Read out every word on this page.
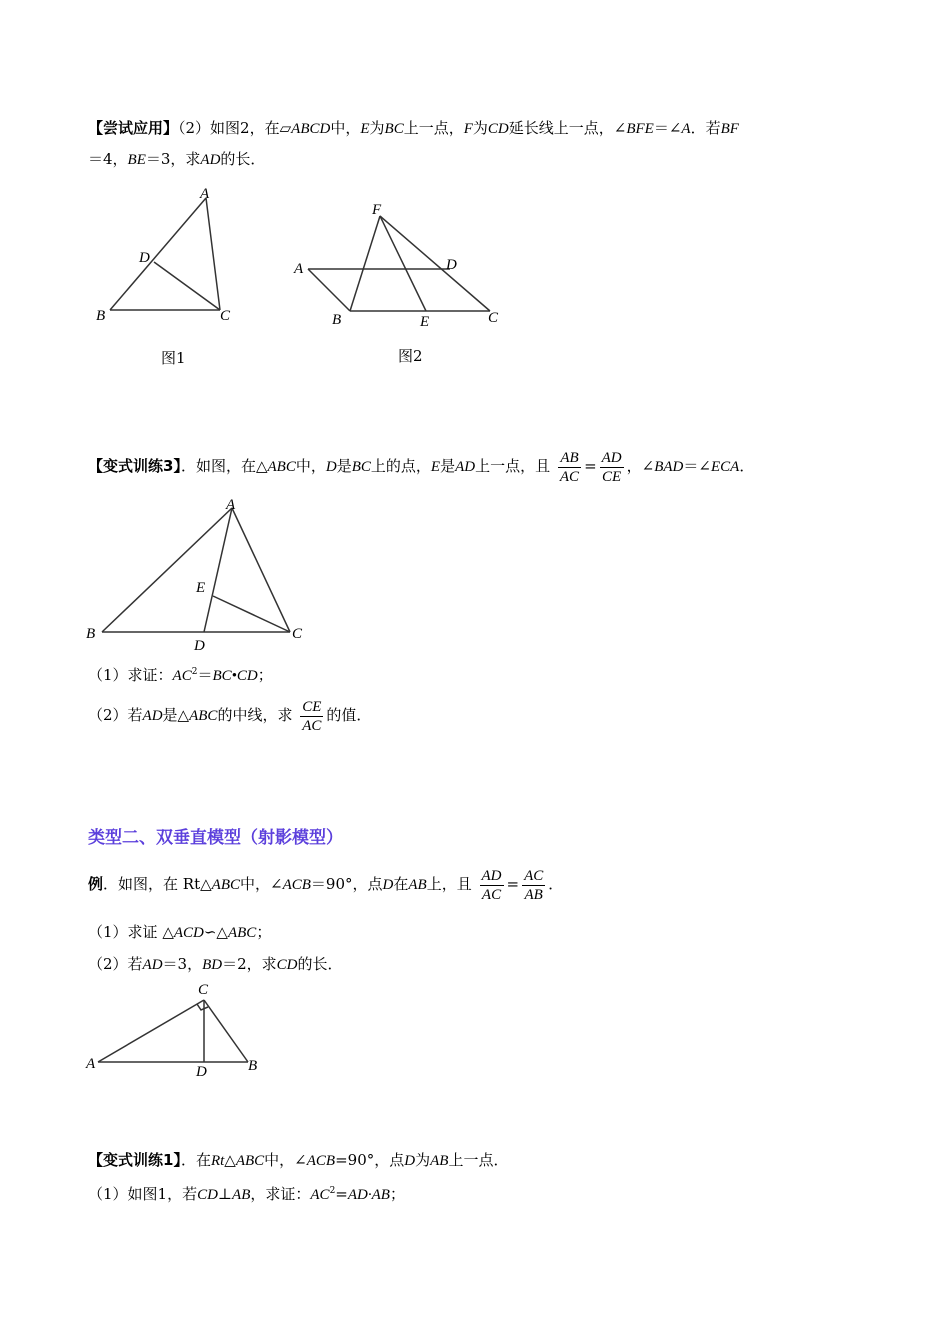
【尝试应用】（2）如图2，在▱ABCD中，E为BC上一点，F为CD延长线上一点，∠BFE＝∠A．若BF
＝4，BE＝3，求AD的长．
A
B	C
D
图1
F
A	D
B	E	C
图2
【变式训练3】．如图，在△ABC中，D是BC上的点，E是AD上一点，且 $\frac{AB}{AC} = \frac{AD}{CE}$ ，∠BAD＝∠ECA．
A
B	C
D
E
（1）求证：$AC^2=BC•CD$；
（2）若AD是△ABC的中线，求 $\frac{CE}{AC}$ 的值．
类型二、双垂直模型（射影模型）
例．如图，在 Rt△ABC中，∠ACB＝90°，点D在AB上，且 $\frac{AD}{AC} = \frac{AC}{AB}$ ．
（1）求证 △ACD∽△ABC；
（2）若AD＝3，BD＝2，求CD的长．
C
A	B
D
【变式训练1】．在Rt△ABC中，∠ACB=90°，点D为AB上一点．
（1）如图1，若CD⊥AB，求证：$AC^2=AD\cdot AB$；
